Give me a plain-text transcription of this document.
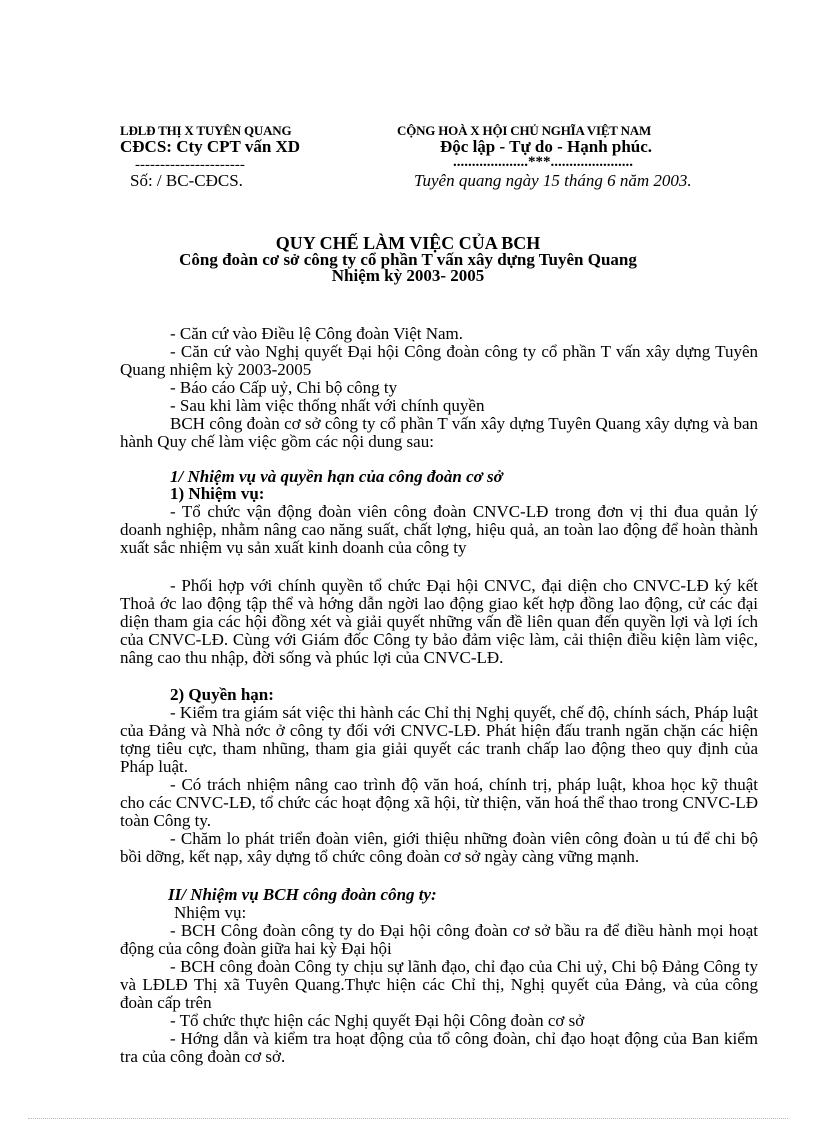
LĐLĐ THỊ X TUYÊN QUANG
CĐCS: Cty CPT vấn XD
----------------------
Số: / BC-CĐCS.
CỘNG HOÀ X HỘI CHỦ NGHĨA VIỆT NAM
Độc lập - Tự do - Hạnh phúc.
....................***......................
Tuyên quang ngày 15 tháng 6 năm 2003.
QUY CHẾ LÀM VIỆC CỦA BCH
Công đoàn cơ sở công ty cổ phần T vấn xây dựng Tuyên Quang
Nhiệm kỳ 2003- 2005
- Căn cứ vào Điều lệ Công đoàn Việt Nam.
- Căn cứ vào Nghị quyết Đại hội Công đoàn công ty cổ phần T vấn xây dựng Tuyên Quang nhiệm kỳ 2003-2005
- Báo cáo Cấp uỷ, Chi bộ công ty
- Sau khi làm việc thống nhất với chính quyền
BCH công đoàn cơ sở công ty cổ phần T vấn xây dựng Tuyên Quang xây dựng và ban hành Quy chế làm việc gồm các nội dung sau:
1/ Nhiệm vụ và quyền hạn của công đoàn cơ sở
1) Nhiệm vụ:
- Tổ chức vận động đoàn viên công đoàn CNVC-LĐ trong đơn vị thi đua quản lý doanh nghiệp, nhằm nâng cao năng suất, chất lợng, hiệu quả, an toàn lao động để hoàn thành xuất sắc nhiệm vụ sản xuất kinh doanh của công ty
- Phối hợp với chính quyền tổ chức Đại hội CNVC, đại diện cho CNVC-LĐ ký kết Thoả ớc lao động tập thể và hớng dẫn ngời lao động giao kết hợp đồng lao động, cử các đại diện tham gia các hội đồng xét và giải quyết những vấn đề liên quan đến quyền lợi và lợi ích của CNVC-LĐ. Cùng với Giám đốc Công ty bảo đảm việc làm, cải thiện điều kiện làm việc, nâng cao thu nhập, đời sống và phúc lợi của CNVC-LĐ.
2) Quyền hạn:
- Kiểm tra giám sát việc thi hành các Chỉ thị Nghị quyết, chế độ, chính sách, Pháp luật của Đảng và Nhà nớc ở công ty đối với CNVC-LĐ. Phát hiện đấu tranh ngăn chặn các hiện tợng tiêu cực, tham nhũng, tham gia giải quyết các tranh chấp lao động theo quy định của Pháp luật.
- Có trách nhiệm nâng cao trình độ văn hoá, chính trị, pháp luật, khoa học kỹ thuật cho các CNVC-LĐ, tổ chức các hoạt động xã hội, từ thiện, văn hoá thể thao trong CNVC-LĐ toàn Công ty.
- Chăm lo phát triển đoàn viên, giới thiệu những đoàn viên công đoàn u tú để chi bộ bồi dỡng, kết nạp, xây dựng tổ chức công đoàn cơ sở ngày càng vững mạnh.
II/ Nhiệm vụ BCH công đoàn công ty:
Nhiệm vụ:
- BCH Công đoàn công ty do Đại hội công đoàn cơ sở bầu ra để điều hành mọi hoạt động của công đoàn giữa hai kỳ Đại hội
- BCH công đoàn Công ty chịu sự lãnh đạo, chỉ đạo của Chi uỷ, Chi bộ Đảng Công ty và LĐLĐ Thị xã Tuyên Quang.Thực hiện các Chỉ thị, Nghị quyết của Đảng, và của công đoàn cấp trên
- Tổ chức thực hiện các Nghị quyết Đại hội Công đoàn cơ sở
- Hớng dẫn và kiểm tra hoạt động của tổ công đoàn, chỉ đạo hoạt động của Ban kiểm tra của công đoàn cơ sở.
